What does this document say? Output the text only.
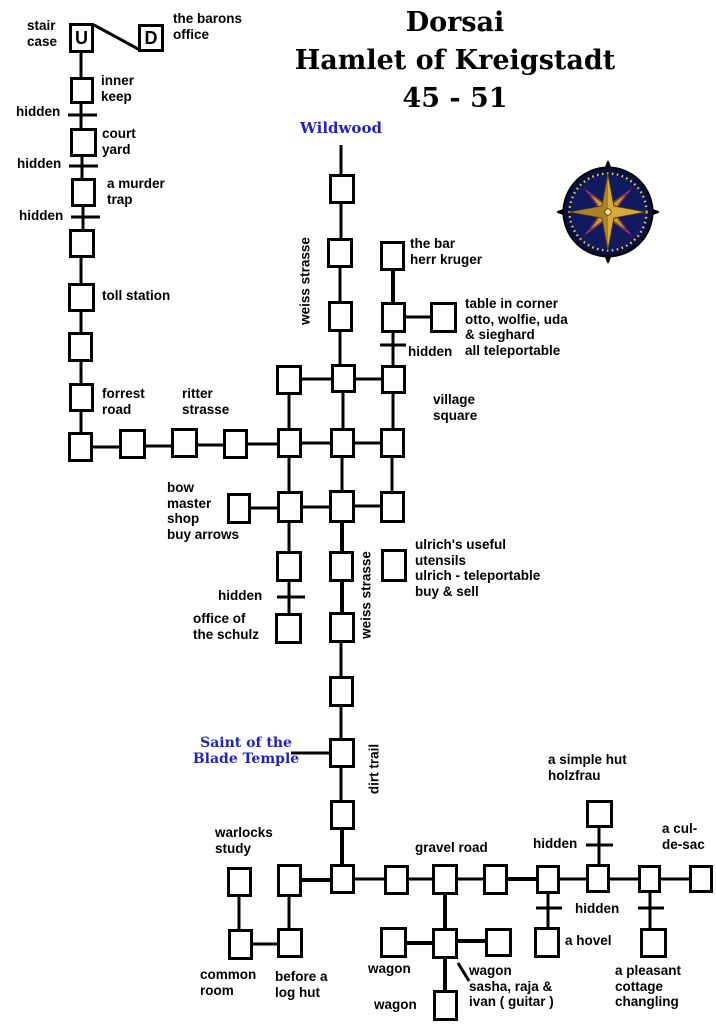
Dorsai
Hamlet of Kreigstadt
45 - 51
U	D
stair
case
the barons
office
inner
keep
hidden
court
yard
hidden
a murder
trap
hidden
toll station
forrest
road
ritter
strasse
Wildwood
weiss strasse	the bar
herr kruger
table in corner
otto, wolfie, uda
& sieghard
all teleportable
hidden
village
square
bow
master
shop
buy arrows
ulrich's useful
utensils
ulrich - teleportable
buy & sell
weiss strasse
hidden
office of
the schulz
Saint of the
Blade Temple	dirt trail	a simple hut
holzfrau
hidden
a cul-
de-sac
warlocks
study	gravel road
hidden
a hovel
common
room
before a
log hut
wagon
wagon
wagon
sasha, raja &
ivan ( guitar )
a pleasant
cottage
changling
